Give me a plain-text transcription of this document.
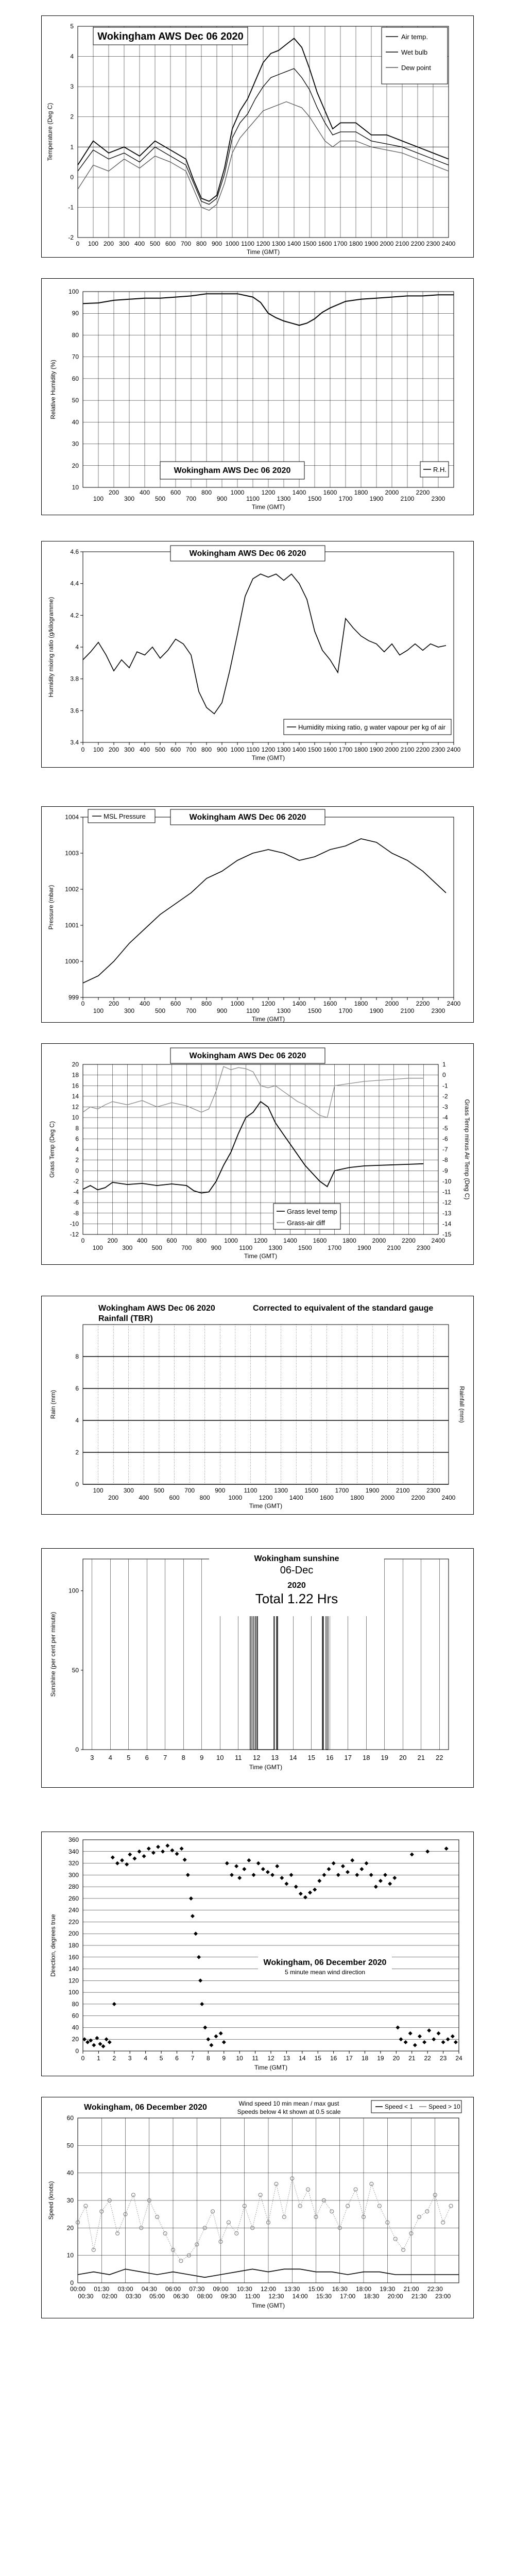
0 100 200 300 400 500 600 700 800 900 1000 1100 1200 1300 1400 1500 1600 1700 1800 1900 2000 2100 2200 2300 2400
-2
-1
0
1
2
3
4
5
Wokingham AWS Dec 06 2020	Air temp.
Wet bulb
Dew point
Time (GMT)
Temperature (Deg C)
100
200
300
400
500
600
700
800
900
1000
1100
1200
1300
1400
1500
1600
1700
1800
1900
2000
2100
2200
2300
10
20
30
40
50
60
70
80
90
100
Wokingham AWS Dec 06 2020	R.H.
Time (GMT)
Relative Humidity (%)
0 100 200 300 400 500 600 700 800 900 1000 1100 1200 1300 1400 1500 1600 1700 1800 1900 2000 2100 2200 2300 2400
3.4
3.6
3.8
4
4.2
4.4
4.6	Wokingham AWS Dec 06 2020
Humidity mixing ratio, g water vapour per kg of air
Time (GMT)
Humidity mixing ratio (g/kilogramme)
0
100
200
300
400
500
600
700
800
900
1000
1100
1200
1300
1400
1500
1600
1700
1800
1900
2000
2100
2200
2300
2400
999
1000
1001
1002
1003
1004	MSL Pressure	Wokingham AWS Dec 06 2020
Time (GMT)
Pressure (mbar)
0
100
200
300
400
500
600
700
800
900
1000
1100
1200
1300
1400
1500
1600
1700
1800
1900
2000
2100
2200
2300
2400
-12
-10
-8
-6
-4
-2
0
2
4
6
8
10
12
14
16
18
20
-15
-14
-13
-12
-11
-10
-9
-8
-7
-6
-5
-4
-3
-2
-1
0
1
Wokingham AWS Dec 06 2020
Grass level temp
Grass-air diff
Time (GMT)
Grass Temp (Deg C)	Grass Temp minus Air Temp (Deg C)
100
200
300
400
500
600
700
800
900
1000
1100
1200
1300
1400
1500
1600
1700
1800
1900
2000
2100
2200
2300
2400
0
2
4
6
8
Wokingham AWS Dec 06 2020
Rainfall (TBR)
Corrected to equivalent of the standard gauge
Time (GMT)
Rain (mm)	Rainfall (mm)
3 4 5 6 7 8 9 10 11 12 13 14 15 16 17 18 19 20 21 22
0
50
100
Wokingham sunshine
06-Dec
2020
Total 1.22 Hrs
Time (GMT)
Sunshine (per cent per minute)
0
20
40
60
80
100
120
140
160
180
200
220
240
260
280
300
320
340
360
0 1 2 3 4 5 6 7 8 9 10 11 12 13 14 15 16 17 18 19 20 21 22 23 24
Wokingham, 06 December 2020
5 minute mean wind direction
Time (GMT)
Direction, degrees true
0
10
20
30
40
50
60
00:00 01:30 03:00 04:30 06:00 07:30 09:00 10:30 12:00 13:30 15:00 16:30 18:00 19:30 21:00 22:30
00:30 02:00 03:30 05:00 06:30 08:00 09:30 11:00 12:30 14:00 15:30 17:00 18:30 20:00 21:30 23:00
Wokingham, 06 December 2020	Wind speed 10 min mean / max gust
Speeds below 4 kt shown at 0.5 scale
Speed < 1 Speed > 10
Time (GMT)
Speed (knots)
